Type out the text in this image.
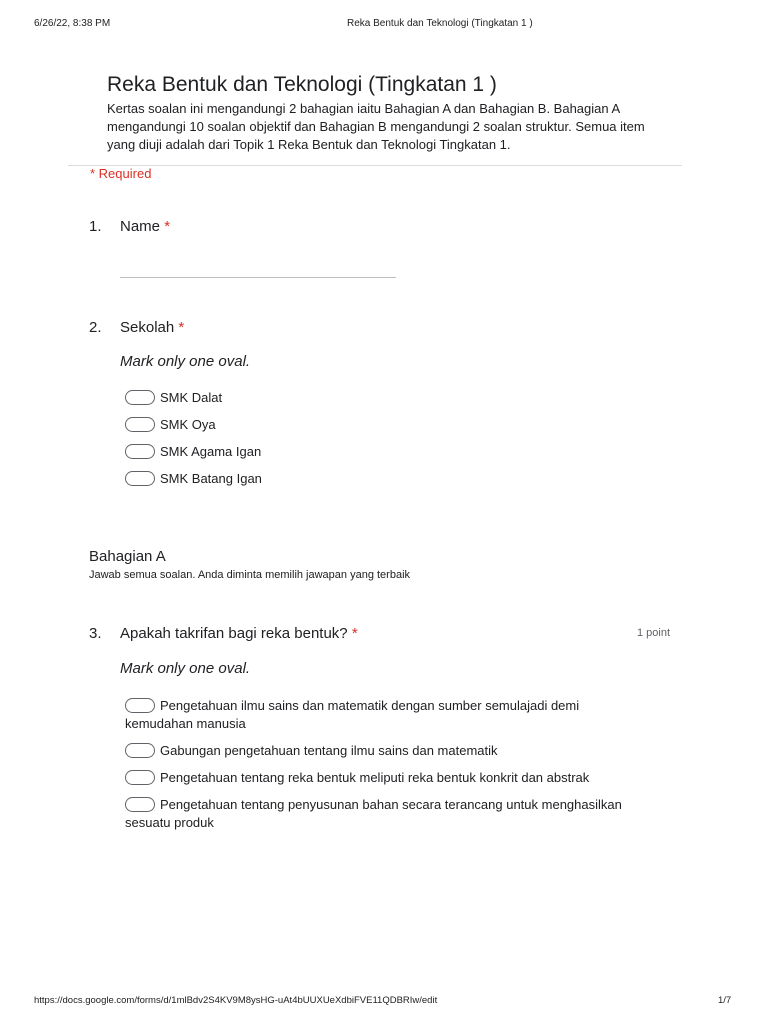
6/26/22, 8:38 PM	Reka Bentuk dan Teknologi (Tingkatan 1 )
Reka Bentuk dan Teknologi (Tingkatan 1 )
Kertas soalan ini mengandungi 2 bahagian iaitu Bahagian A dan Bahagian B. Bahagian A mengandungi 10 soalan objektif dan Bahagian B mengandungi 2 soalan struktur. Semua item yang diuji adalah dari Topik 1 Reka Bentuk dan Teknologi Tingkatan 1.
* Required
1. Name *
2. Sekolah *
Mark only one oval.
SMK Dalat
SMK Oya
SMK Agama Igan
SMK Batang Igan
Bahagian A
Jawab semua soalan. Anda diminta memilih jawapan yang terbaik
3. Apakah takrifan bagi reka bentuk? *	1 point
Mark only one oval.
Pengetahuan ilmu sains dan matematik dengan sumber semulajadi demi kemudahan manusia
Gabungan pengetahuan tentang ilmu sains dan matematik
Pengetahuan tentang reka bentuk meliputi reka bentuk konkrit dan abstrak
Pengetahuan tentang penyusunan bahan secara terancang untuk menghasilkan sesuatu produk
https://docs.google.com/forms/d/1mlBdv2S4KV9M8ysHG-uAt4bUUXUeXdbiFVE11QDBRIw/edit	1/7
